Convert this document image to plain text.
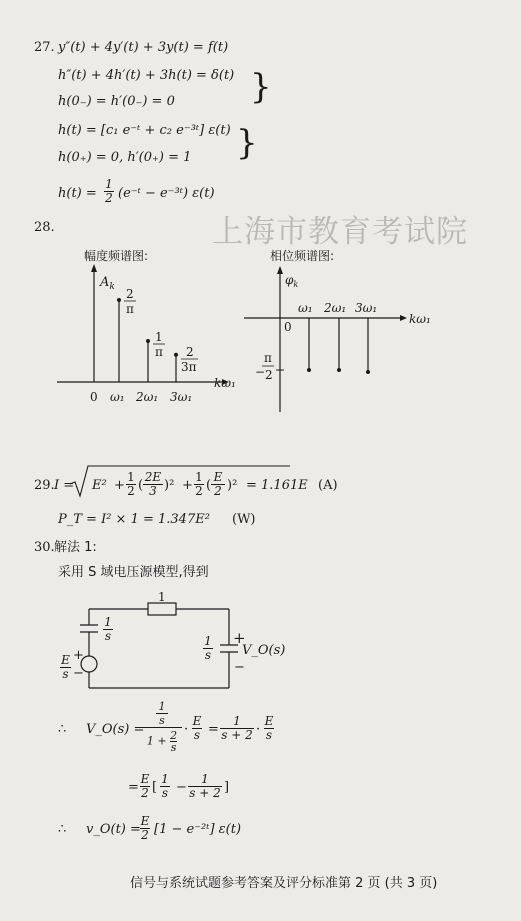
上海市教育考试院
27. y″(t) + 4y′(t) + 3y(t) = f(t)
h″(t) + 4h′(t) + 3h(t) = δ(t)
h(0₋) = h′(0₋) = 0 }
h(t) = [c₁ e⁻ᵗ + c₂ e⁻³ᵗ] ε(t)
h(0₊) = 0, h′(0₊) = 1 }
$h(t) = \frac{1}{2}$ (e⁻ᵗ − e⁻³ᵗ) ε(t)
28.
幅度频谱图:	相位频谱图:
$A_k$
kω₁
2
π
1
π 2
3π
0 ω₁ 2ω₁ 3ω₁
$\varphi_k$
kω₁
0
ω₁ 2ω₁ 3ω₁
−
π
2
29. $I = E^2 + \frac{1}{2}$ ( $\frac{2E}{3} )^2 + \frac{1}{2}$ ( $\frac{E}{2} )^2 = 1.161E$ (A)
P_T = I² × 1 = 1.347E² (W)
30. 解法 1:
采用 S 域电压源模型,得到
1
$\frac{1}{s}$
+
$\frac{E}{s}$ −
$\frac{1}{s}$ +
V_O(s)
−
∴ V_O(s) =
1
s
$1 + \frac{2}{s} \cdot \frac{E}{s} = \frac{1}{s + 2} \cdot \frac{E}{s}$
= $\frac{E}{2}$ [ $\frac{1}{s} - \frac{1}{s + 2}$ ]
∴ v_O(t) = $\frac{E}{2} [1$ − e⁻²ᵗ] ε(t)
信号与系统试题参考答案及评分标准第 2 页 (共 3 页)
